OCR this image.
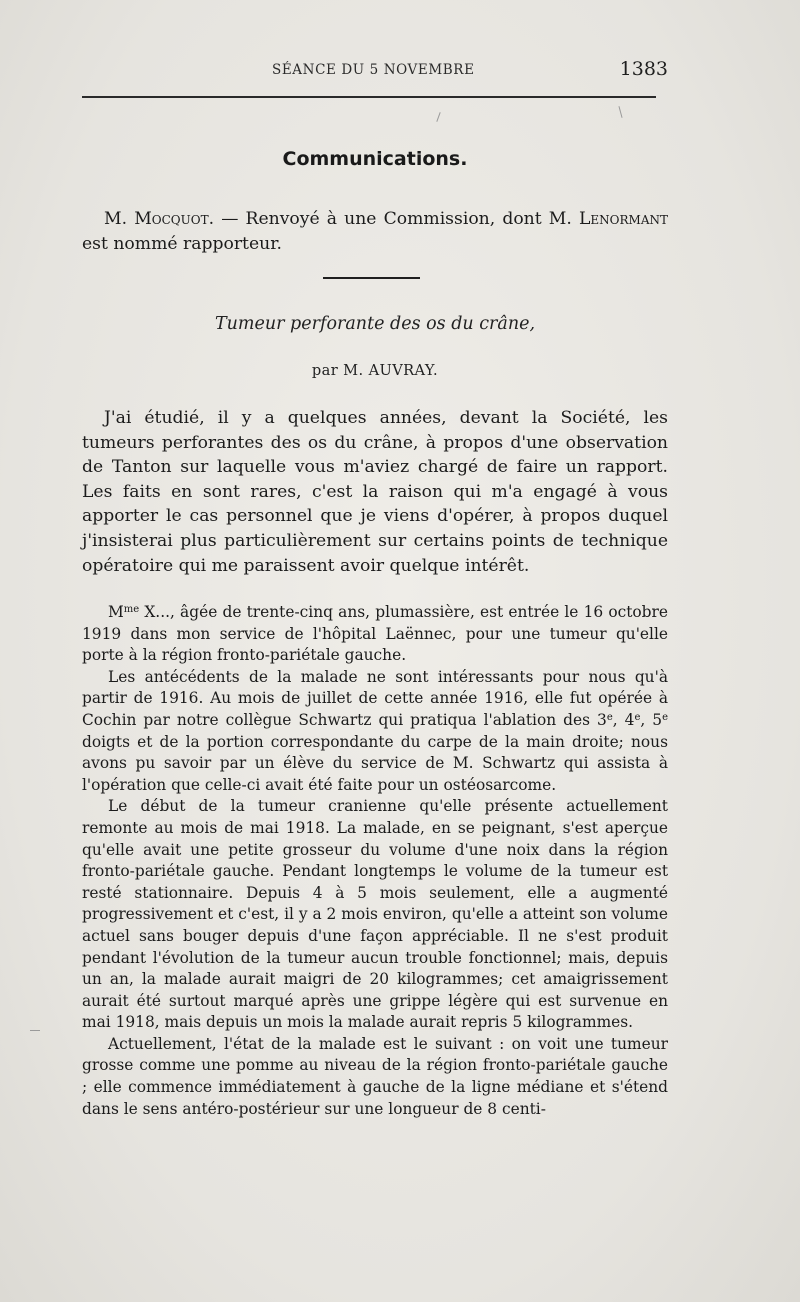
SÉANCE DU 5 NOVEMBRE	1383
Communications.

M. Mocquot. — Renvoyé à une Commission, dont M. Lenormant est nommé rapporteur.

Tumeur perforante des os du crâne,
par M. AUVRAY.

J'ai étudié, il y a quelques années, devant la Société, les tumeurs perforantes des os du crâne, à propos d'une observation de Tanton sur laquelle vous m'aviez chargé de faire un rapport. Les faits en sont rares, c'est la raison qui m'a engagé à vous apporter le cas personnel que je viens d'opérer, à propos duquel j'insisterai plus particulièrement sur certains points de technique opératoire qui me paraissent avoir quelque intérêt.

$M^{me}$ X..., âgée de trente-cinq ans, plumassière, est entrée le 16 octobre 1919 dans mon service de l'hôpital Laënnec, pour une tumeur qu'elle porte à la région fronto-pariétale gauche.

Les antécédents de la malade ne sont intéressants pour nous qu'à partir de 1916. Au mois de juillet de cette année 1916, elle fut opérée à Cochin par notre collègue Schwartz qui pratiqua l'ablation des 3e, 4e, 5e doigts et de la portion correspondante du carpe de la main droite; nous avons pu savoir par un élève du service de M. Schwartz qui assista à l'opération que celle-ci avait été faite pour un ostéosarcome.

Le début de la tumeur cranienne qu'elle présente actuellement remonte au mois de mai 1918. La malade, en se peignant, s'est aperçue qu'elle avait une petite grosseur du volume d'une noix dans la région fronto-pariétale gauche. Pendant longtemps le volume de la tumeur est resté stationnaire. Depuis 4 à 5 mois seulement, elle a augmenté progressivement et c'est, il y a 2 mois environ, qu'elle a atteint son volume actuel sans bouger depuis d'une façon appréciable. Il ne s'est produit pendant l'évolution de la tumeur aucun trouble fonctionnel; mais, depuis un an, la malade aurait maigri de 20 kilogrammes; cet amaigrissement aurait été surtout marqué après une grippe légère qui est survenue en mai 1918, mais depuis un mois la malade aurait repris 5 kilogrammes.

Actuellement, l'état de la malade est le suivant : on voit une tumeur grosse comme une pomme au niveau de la région fronto-pariétale gauche ; elle commence immédiatement à gauche de la ligne médiane et s'étend dans le sens antéro-postérieur sur une longueur de 8 centi-
